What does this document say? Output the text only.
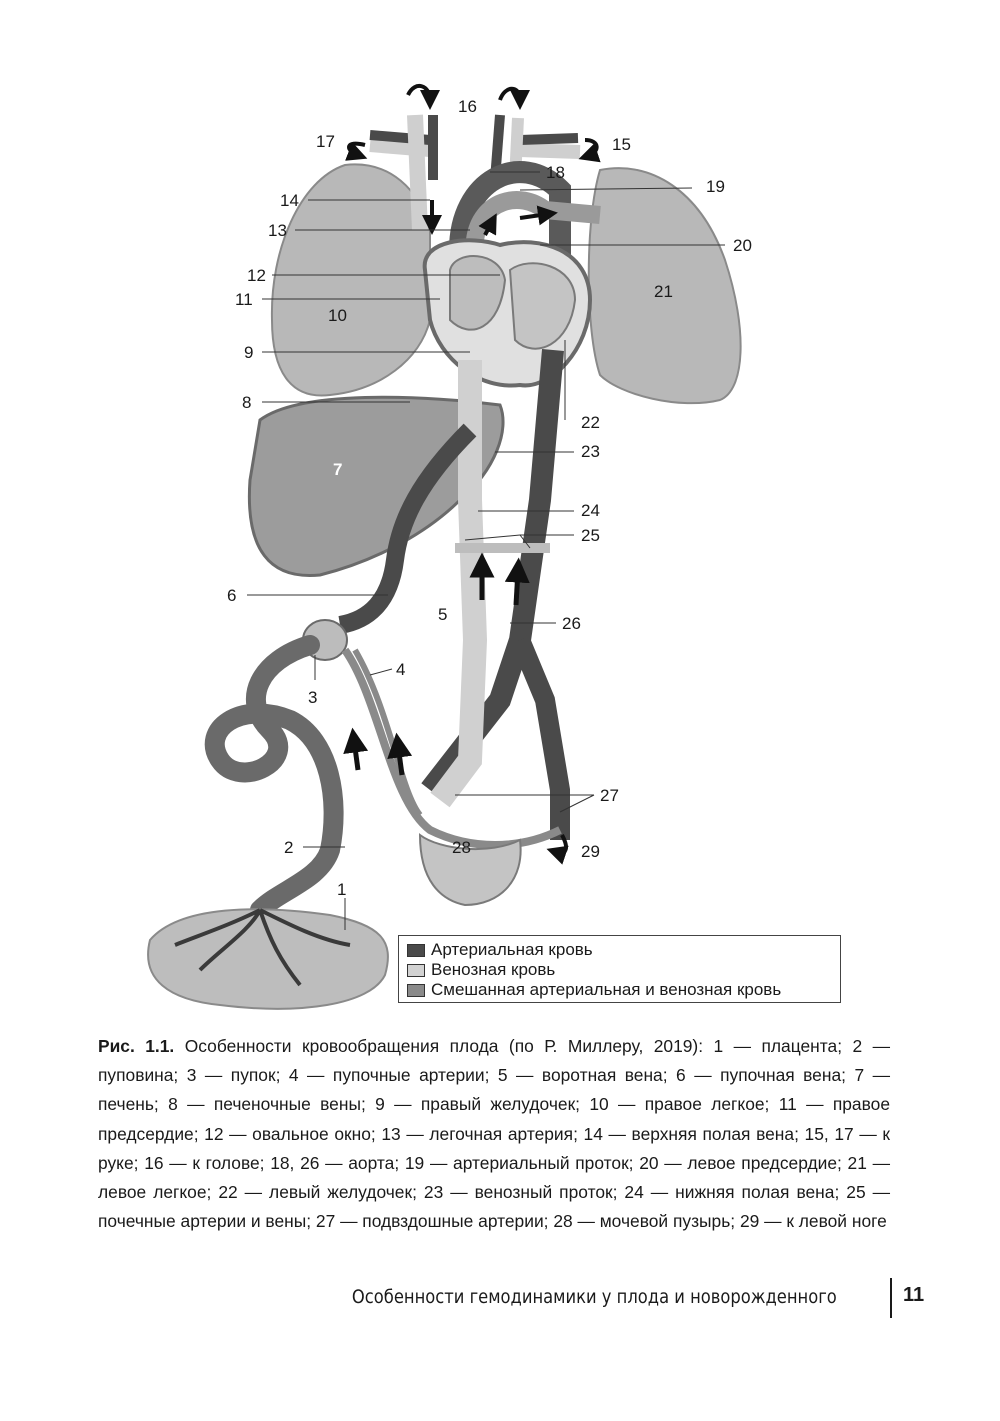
16
17	15
18
19
14
13
20
12
21
11
10
9
8
22
23
7
24
25
6
5	26
4
3
27
2	28	29
1
Артериальная кровь
Венозная кровь
Смешанная артериальная и венозная кровь
Рис. 1.1. Особенности кровообращения плода (по Р. Миллеру, 2019): 1 — плацента; 2 — пуповина; 3 — пупок; 4 — пупочные артерии; 5 — воротная вена; 6 — пупочная вена; 7 — печень; 8 — печеночные вены; 9 — правый желудочек; 10 — правое легкое; 11 — правое предсердие; 12 — овальное окно; 13 — легочная артерия; 14 — верхняя полая вена; 15, 17 — к руке; 16 — к голове; 18, 26 — аорта; 19 — артериальный проток; 20 — левое предсердие; 21 — левое легкое; 22 — левый желудочек; 23 — венозный проток; 24 — нижняя полая вена; 25 — почечные артерии и вены; 27 — подвздошные артерии; 28 — мочевой пузырь; 29 — к левой ноге
Особенности гемодинамики у плода и новорожденного	11
